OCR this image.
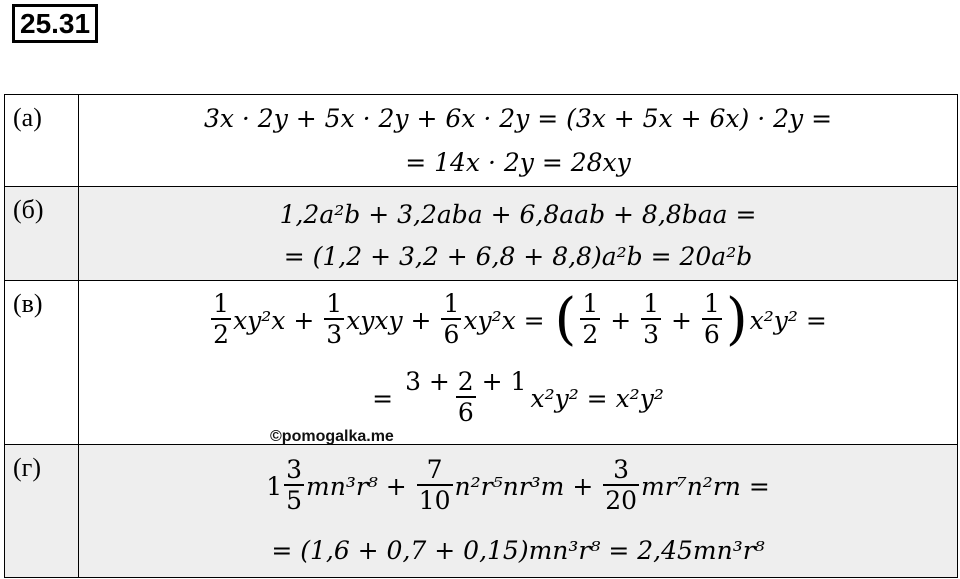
25.31
(а)	3x · 2y + 5x · 2y + 6x · 2y = (3x + 5x + 6x) · 2y =
= 14x · 2y = 28xy
(б)	1,2a²b + 3,2aba + 6,8aab + 8,8baa =
= (1,2 + 3,2 + 6,8 + 8,8)a²b = 20a²b
(в)	$\frac{1}{2} xy^2x + \frac{1}{3}$ xyxy + $\frac{1}{6} xy^2x$ = ( $\frac{1}{2} + \frac{1}{3} + \frac{1}{6}$ ) x²y² =
= $\frac{3 + 2 + 1}{6} x^2y^2 = x^2y^2$
(г)
$1 \frac{3}{5} mn^3r^8 + \frac{7}{10} n^2r^5nr^3m + \frac{3}{20} mr^7n^2rn$ =
= (1,6 + 0,7 + 0,15)mn³r⁸ = 2,45mn³r⁸
©pomogalka.me
